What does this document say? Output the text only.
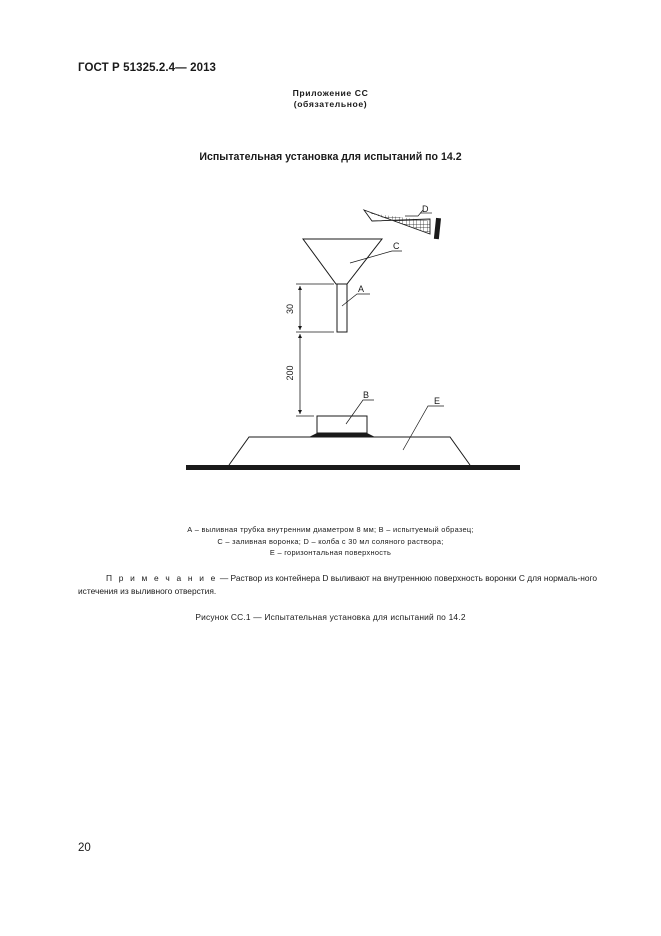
ГОСТ Р 51325.2.4— 2013
Приложение СС
(обязательное)
Испытательная установка для испытаний по 14.2
30
200
D
C
A
B
E
А – выливная трубка внутренним диаметром 8 мм; В – испытуемый образец;
С – заливная воронка; D – колба с 30 мл соляного раствора;
Е – горизонтальная поверхность
П р и м е ч а н и е — Раствор из контейнера D выливают на внутреннюю поверхность воронки С для нормаль-ного истечения из выливного отверстия.
Рисунок СС.1 — Испытательная установка для испытаний по 14.2
20
